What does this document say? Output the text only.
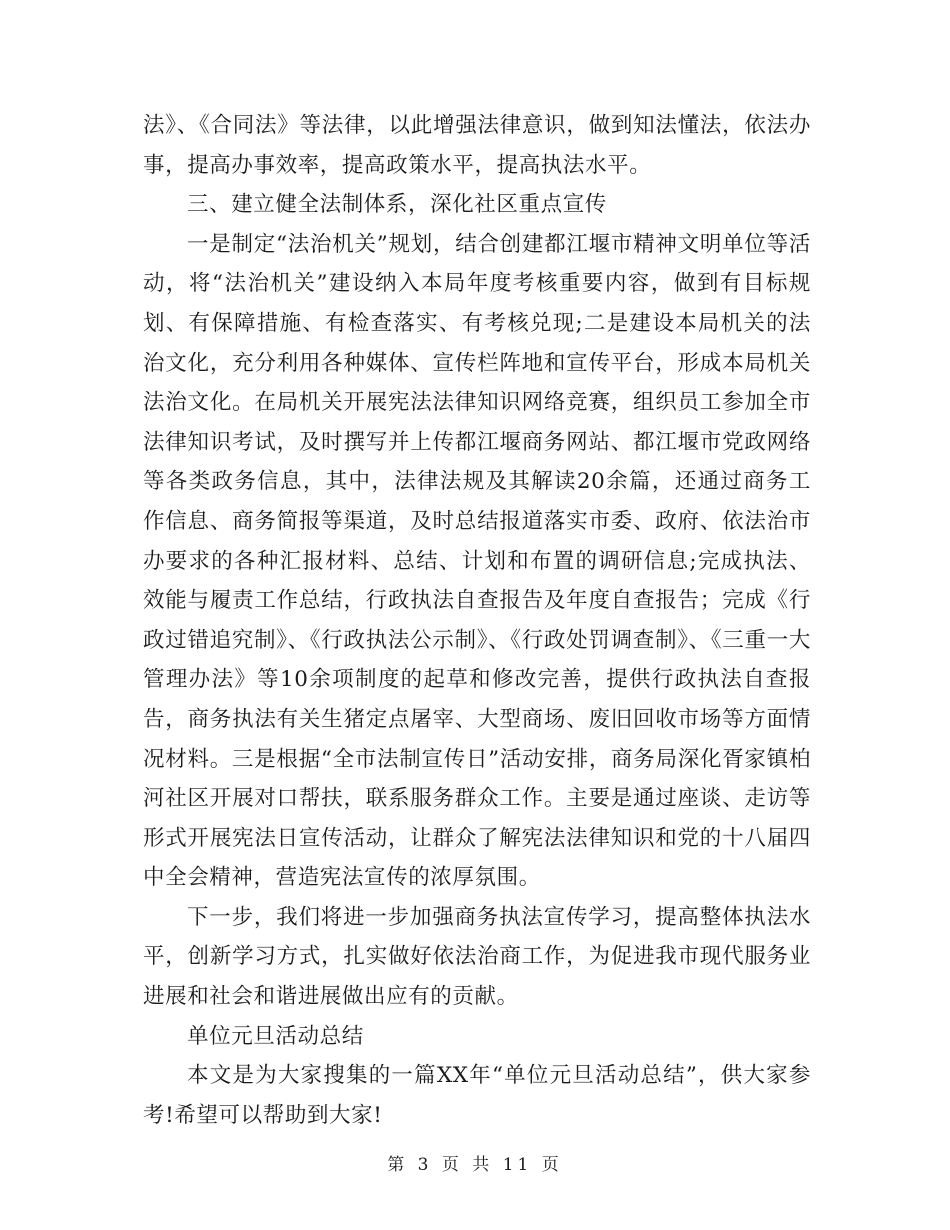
法》、《合同法》等法律，以此增强法律意识，做到知法懂法，依法办事，提高办事效率，提高政策水平，提高执法水平。

三、建立健全法制体系，深化社区重点宣传

一是制定“法治机关”规划，结合创建都江堰市精神文明单位等活动，将“法治机关”建设纳入本局年度考核重要内容，做到有目标规划、有保障措施、有检查落实、有考核兑现;二是建设本局机关的法治文化，充分利用各种媒体、宣传栏阵地和宣传平台，形成本局机关法治文化。在局机关开展宪法法律知识网络竞赛，组织员工参加全市法律知识考试，及时撰写并上传都江堰商务网站、都江堰市党政网络等各类政务信息，其中，法律法规及其解读20余篇，还通过商务工作信息、商务简报等渠道，及时总结报道落实市委、政府、依法治市办要求的各种汇报材料、总结、计划和布置的调研信息;完成执法、效能与履责工作总结，行政执法自查报告及年度自查报告；完成《行政过错追究制》、《行政执法公示制》、《行政处罚调查制》、《三重一大管理办法》等10余项制度的起草和修改完善，提供行政执法自查报告，商务执法有关生猪定点屠宰、大型商场、废旧回收市场等方面情况材料。三是根据“全市法制宣传日”活动安排，商务局深化胥家镇柏河社区开展对口帮扶，联系服务群众工作。主要是通过座谈、走访等形式开展宪法日宣传活动，让群众了解宪法法律知识和党的十八届四中全会精神，营造宪法宣传的浓厚氛围。

下一步，我们将进一步加强商务执法宣传学习，提高整体执法水平，创新学习方式，扎实做好依法治商工作，为促进我市现代服务业进展和社会和谐进展做出应有的贡献。

单位元旦活动总结

本文是为大家搜集的一篇XX年“单位元旦活动总结”，供大家参考!希望可以帮助到大家!

第 3 页 共 11 页
